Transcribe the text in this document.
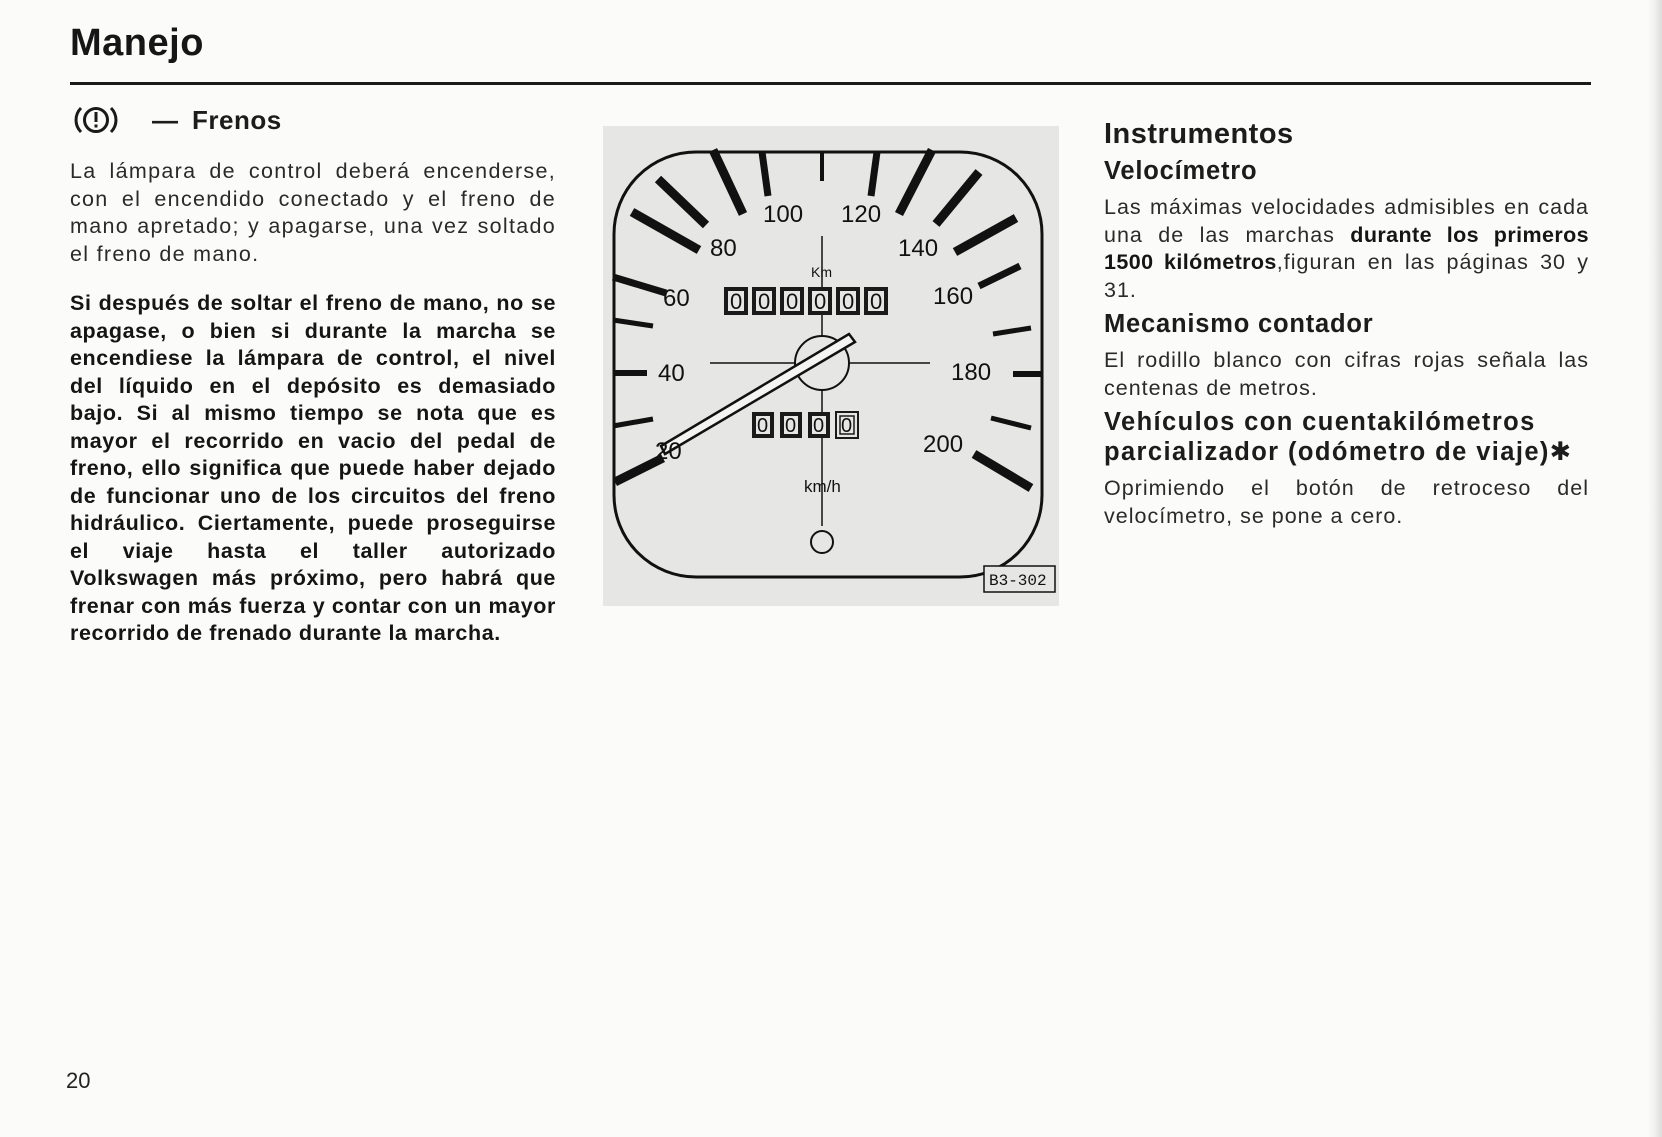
Manejo
— Frenos

La lámpara de control deberá encenderse, con el encendido conectado y el freno de mano apretado; y apagarse, una vez soltado el freno de mano.

Si después de soltar el freno de mano, no se apagase, o bien si durante la marcha se encendiese la lámpara de control, el nivel del líquido en el depósito es demasiado bajo. Si al mismo tiempo se nota que es mayor el recorrido en vacio del pedal de freno, ello significa que puede haber dejado de funcionar uno de los circuitos del freno hidráulico. Ciertamente, puede proseguirse el viaje hasta el taller autorizado Volkswagen más próximo, pero habrá que frenar con más fuerza y contar con un mayor recorrido de frenado durante la marcha.

20
40
60
80
100 120
140
160
180
200
Km
km/h
0 0 0 0 0 0
0 0 0 0
B3-302
Instrumentos
Velocímetro

Las máximas velocidades admisibles en cada una de las marchas durante los primeros 1500 kilómetros,figuran en las páginas 30 y 31.

Mecanismo contador

El rodillo blanco con cifras rojas señala las centenas de metros.

Vehículos con cuentakilómetros parcializador (odómetro de viaje)✱

Oprimiendo el botón de retroceso del velocímetro, se pone a cero.

20
